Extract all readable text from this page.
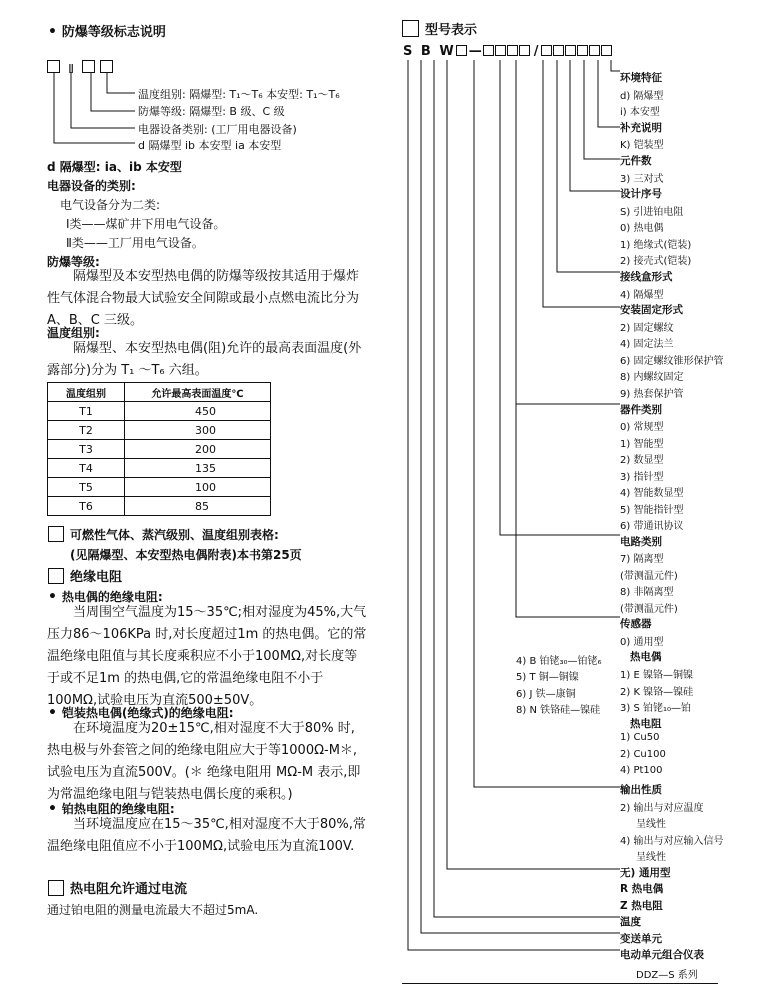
• 防爆等级标志说明
Ⅱ
温度组别: 隔爆型: T₁～T₆ 本安型: T₁～T₆
防爆等级: 隔爆型: B 级、C 级
电器设备类别: (工厂用电器设备)
d 隔爆型 ib 本安型 ia 本安型
d 隔爆型: ia、ib 本安型
电器设备的类别:
电气设备分为二类:
Ⅰ类——煤矿井下用电气设备。
Ⅱ类——工厂用电气设备。
防爆等级:
隔爆型及本安型热电偶的防爆等级按其适用于爆炸性气体混合物最大试验安全间隙或最小点燃电流比分为A、B、C 三级。
温度组别:
隔爆型、本安型热电偶(阻)允许的最高表面温度(外露部分)分为 T₁ ～T₆ 六组。
温度组别	允许最高表面温度℃
T1	450
T2	300
T3	200
T4	135
T5	100
T6	85
可燃性气体、蒸汽级别、温度组别表格:
(见隔爆型、本安型热电偶附表)本书第25页
绝缘电阻
• 热电偶的绝缘电阻:
当周围空气温度为15～35℃;相对湿度为45%,大气压力86～106KPa 时,对长度超过1m 的热电偶。它的常温绝缘电阻值与其长度乘积应不小于100MΩ,对长度等于或不足1m 的热电偶,它的常温绝缘电阻不小于100MΩ,试验电压为直流500±50V。
• 铠装热电偶(绝缘式)的绝缘电阻:
在环境温度为20±15℃,相对湿度不大于80% 时,热电极与外套管之间的绝缘电阻应大于等1000Ω-M＊,试验电压为直流500V。(＊ 绝缘电阻用 MΩ-M 表示,即为常温绝缘电阻与铠装热电偶长度的乘积。)
• 铂热电阻的绝缘电阻:
当环境温度应在15～35℃,相对湿度不大于80%,常温绝缘电阻值应不小于100MΩ,试验电压为直流100V.
热电阻允许通过电流
通过铂电阻的测量电流最大不超过5mA.
型号表示
S B W —	/
环境特征
d) 隔爆型
i) 本安型
补充说明
K) 铠装型
元件数
3) 三对式
设计序号
S) 引进铂电阻
0) 热电偶
1) 绝缘式(铠装)
2) 接壳式(铠装)
接线盒形式
4) 隔爆型
安装固定形式
2) 固定螺纹
4) 固定法兰
6) 固定螺纹锥形保护管
8) 内螺纹固定
9) 热套保护管
器件类别
0) 常规型
1) 智能型
2) 数显型
3) 指针型
4) 智能数显型
5) 智能指针型
6) 带通讯协议
电路类别
7) 隔离型
(带测温元件)
8) 非隔离型
(带测温元件)
传感器
0) 通用型
热电偶
1) E 镍铬—铜镍
2) K 镍铬—镍硅
3) S 铂铑₁₀—铂
热电阻
1) Cu50
2) Cu100
4) Pt100
输出性质
2) 输出与对应温度
呈线性
4) 输出与对应输入信号
呈线性
无) 通用型
R 热电偶
Z 热电阻
温度
变送单元
电动单元组合仪表
DDZ—S 系列
4) B 铂铑₃₀—铂铑₆
5) T 铜—铜镍
6) J 铁—康铜
8) N 铁铬硅—镍硅
